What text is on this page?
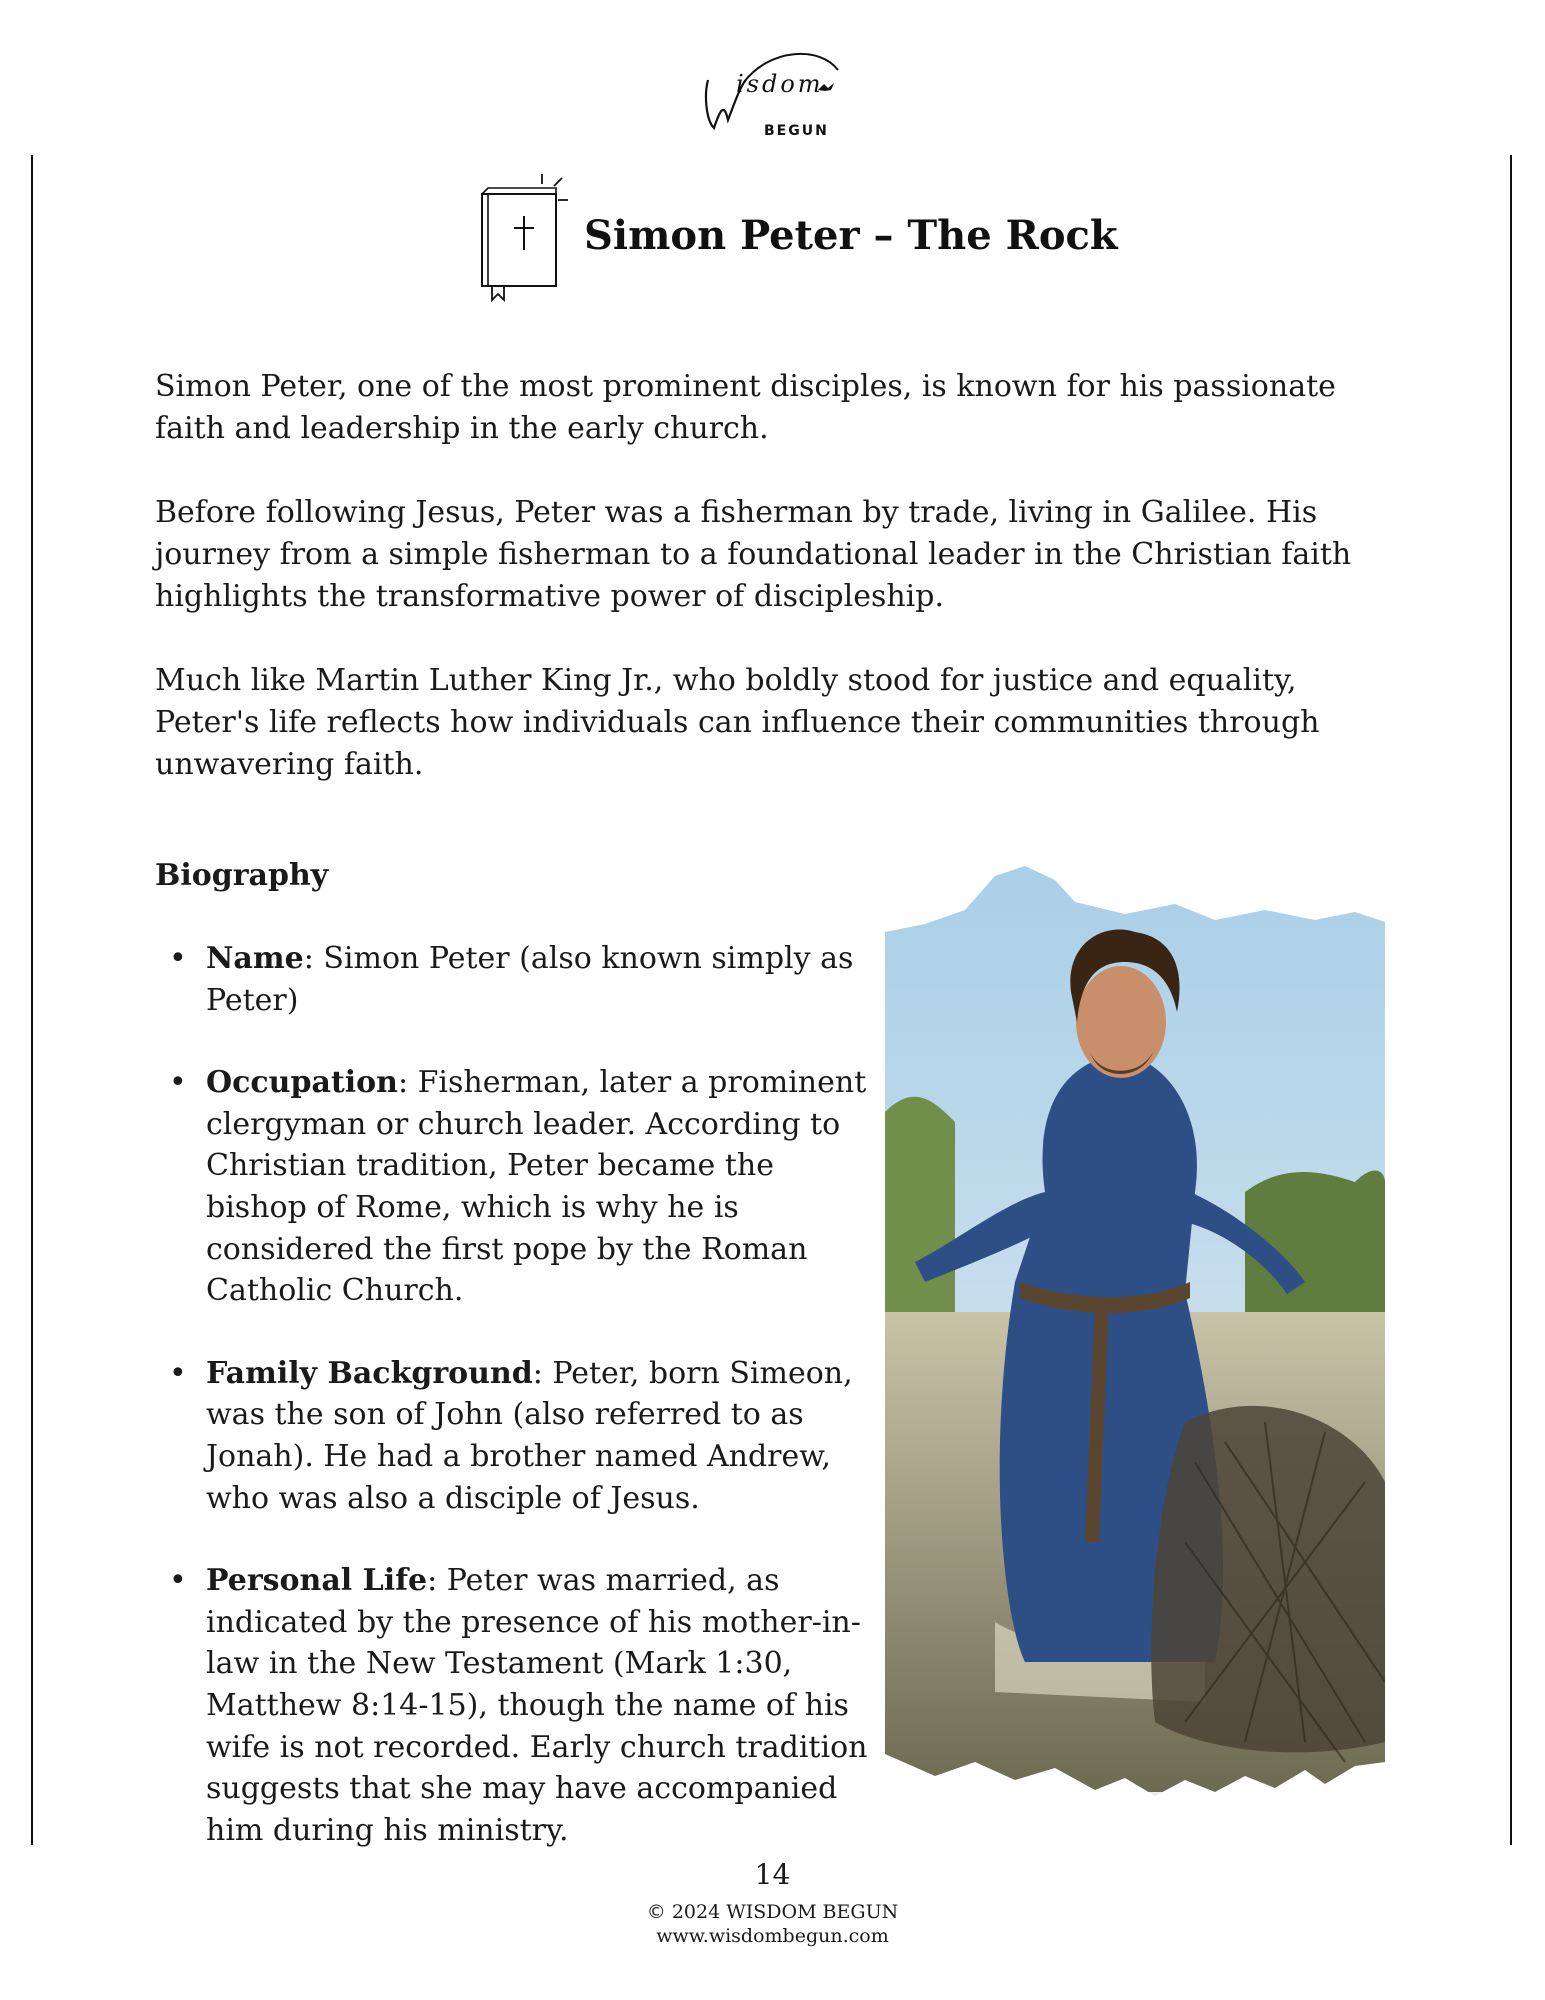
isdom
BEGUN
Simon Peter – The Rock

Simon Peter, one of the most prominent disciples, is known for his passionate faith and leadership in the early church.

Before following Jesus, Peter was a fisherman by trade, living in Galilee. His journey from a simple fisherman to a foundational leader in the Christian faith highlights the transformative power of discipleship.

Much like Martin Luther King Jr., who boldly stood for justice and equality, Peter's life reflects how individuals can influence their communities through unwavering faith.

Biography
• Name: Simon Peter (also known simply as Peter)
• Occupation: Fisherman, later a prominent clergyman or church leader. According to Christian tradition, Peter became the bishop of Rome, which is why he is considered the first pope by the Roman Catholic Church.
• Family Background: Peter, born Simeon, was the son of John (also referred to as Jonah). He had a brother named Andrew, who was also a disciple of Jesus.
• Personal Life: Peter was married, as indicated by the presence of his mother-in-law in the New Testament (Mark 1:30, Matthew 8:14-15), though the name of his wife is not recorded. Early church tradition suggests that she may have accompanied him during his ministry.
14
© 2024 WISDOM BEGUN
www.wisdombegun.com
